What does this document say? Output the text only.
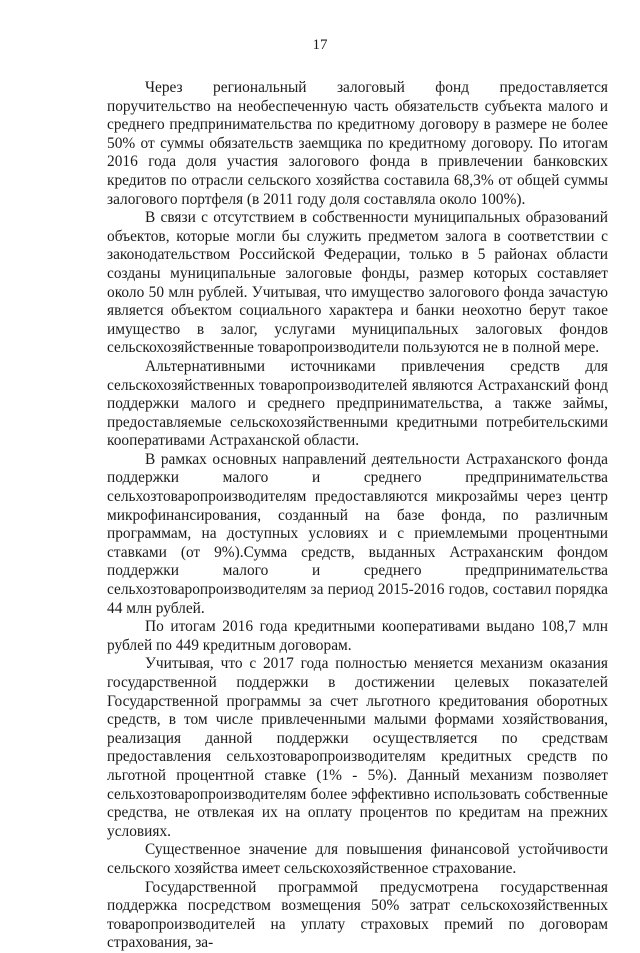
17

Через региональный залоговый фонд предоставляется поручительство на необеспеченную часть обязательств субъекта малого и среднего предпринимательства по кредитному договору в размере не более 50% от суммы обязательств заемщика по кредитному договору. По итогам 2016 года доля участия залогового фонда в привлечении банковских кредитов по отрасли сельского хозяйства составила 68,3% от общей суммы залогового портфеля (в 2011 году доля составляла около 100%).

В связи с отсутствием в собственности муниципальных образований объектов, которые могли бы служить предметом залога в соответствии с законодательством Российской Федерации, только в 5 районах области созданы муниципальные залоговые фонды, размер которых составляет около 50 млн рублей. Учитывая, что имущество залогового фонда зачастую является объектом социального характера и банки неохотно берут такое имущество в залог, услугами муниципальных залоговых фондов сельскохозяйственные товаропроизводители пользуются не в полной мере.

Альтернативными источниками привлечения средств для сельскохозяйственных товаропроизводителей являются Астраханский фонд поддержки малого и среднего предпринимательства, а также займы, предоставляемые сельскохозяйственными кредитными потребительскими кооперативами Астраханской области.

В рамках основных направлений деятельности Астраханского фонда поддержки малого и среднего предпринимательства сельхозтоваропроизводителям предоставляются микрозаймы через центр микрофинансирования, созданный на базе фонда, по различным программам, на доступных условиях и с приемлемыми процентными ставками (от 9%).Сумма средств, выданных Астраханским фондом поддержки малого и среднего предпринимательства сельхозтоваропроизводителям за период 2015-2016 годов, составил порядка 44 млн рублей.

По итогам 2016 года кредитными кооперативами выдано 108,7 млн рублей по 449 кредитным договорам.

Учитывая, что с 2017 года полностью меняется механизм оказания государственной поддержки в достижении целевых показателей Государственной программы за счет льготного кредитования оборотных средств, в том числе привлеченными малыми формами хозяйствования, реализация данной поддержки осуществляется по средствам предоставления сельхозтоваропроизводителям кредитных средств по льготной процентной ставке (1% - 5%). Данный механизм позволяет сельхозтоваропроизводителям более эффективно использовать собственные средства, не отвлекая их на оплату процентов по кредитам на прежних условиях.

Существенное значение для повышения финансовой устойчивости сельского хозяйства имеет сельскохозяйственное страхование.

Государственной программой предусмотрена государственная поддержка посредством возмещения 50% затрат сельскохозяйственных товаропроизводителей на уплату страховых премий по договорам страхования, за-
